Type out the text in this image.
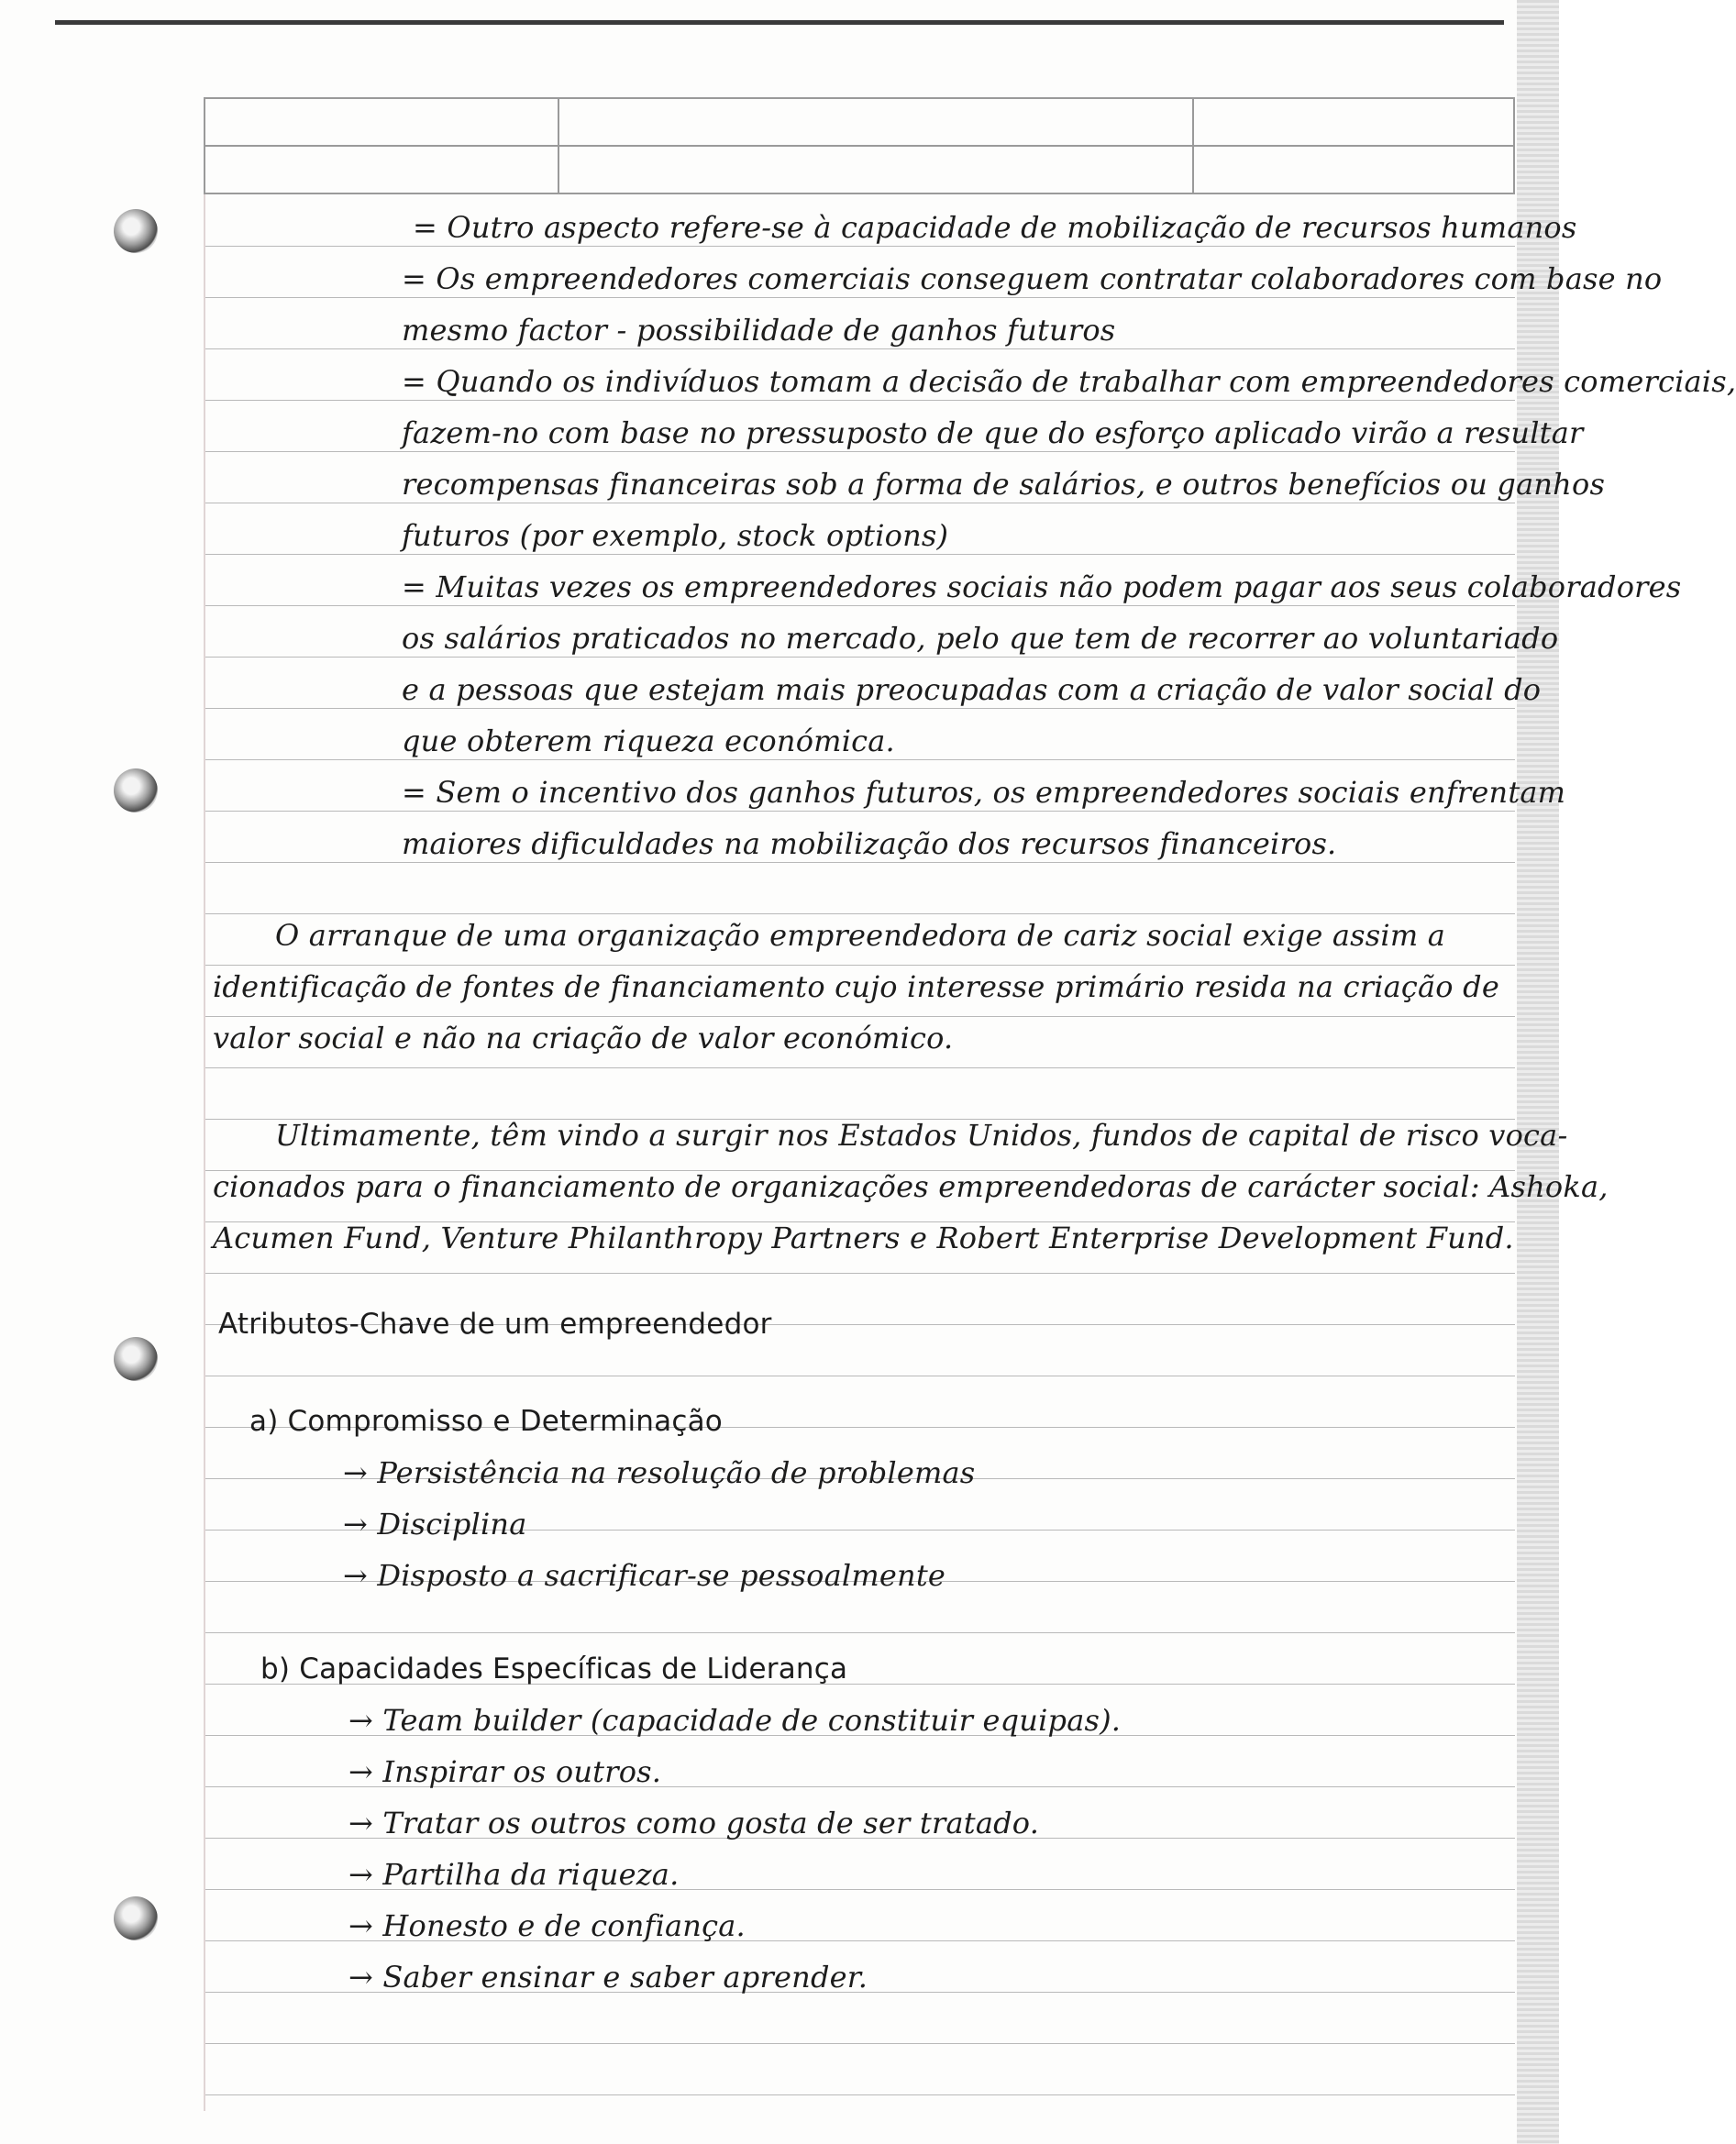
= Outro aspecto refere-se à capacidade de mobilização de recursos humanos
= Os empreendedores comerciais conseguem contratar colaboradores com base no
mesmo factor - possibilidade de ganhos futuros
= Quando os indivíduos tomam a decisão de trabalhar com empreendedores comerciais,
fazem-no com base no pressuposto de que do esforço aplicado virão a resultar
recompensas financeiras sob a forma de salários, e outros benefícios ou ganhos
futuros (por exemplo, stock options)
= Muitas vezes os empreendedores sociais não podem pagar aos seus colaboradores
os salários praticados no mercado, pelo que tem de recorrer ao voluntariado
e a pessoas que estejam mais preocupadas com a criação de valor social do
que obterem riqueza económica.
= Sem o incentivo dos ganhos futuros, os empreendedores sociais enfrentam
maiores dificuldades na mobilização dos recursos financeiros.
O arranque de uma organização empreendedora de cariz social exige assim a
identificação de fontes de financiamento cujo interesse primário resida na criação de
valor social e não na criação de valor económico.
Ultimamente, têm vindo a surgir nos Estados Unidos, fundos de capital de risco voca-
cionados para o financiamento de organizações empreendedoras de carácter social: Ashoka,
Acumen Fund, Venture Philanthropy Partners e Robert Enterprise Development Fund.
Atributos-Chave de um empreendedor
a) Compromisso e Determinação
→ Persistência na resolução de problemas
→ Disciplina
→ Disposto a sacrificar-se pessoalmente
b) Capacidades Específicas de Liderança
→ Team builder (capacidade de constituir equipas).
→ Inspirar os outros.
→ Tratar os outros como gosta de ser tratado.
→ Partilha da riqueza.
→ Honesto e de confiança.
→ Saber ensinar e saber aprender.
